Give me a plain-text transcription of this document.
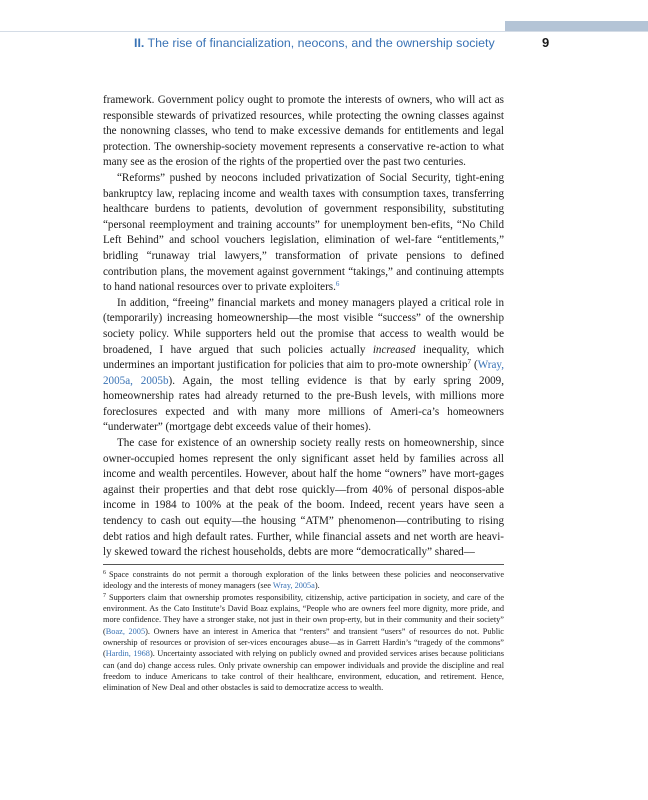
II. The rise of financialization, neocons, and the ownership society	9

framework. Government policy ought to promote the interests of owners, who will act as responsible stewards of privatized resources, while protecting the owning classes against the nonowning classes, who tend to make excessive demands for entitlements and legal protection. The ownership-society movement represents a conservative re-action to what many see as the erosion of the rights of the propertied over the past two centuries.

“Reforms” pushed by neocons included privatization of Social Security, tight-ening bankruptcy law, replacing income and wealth taxes with consumption taxes, transferring healthcare burdens to patients, devolution of government responsibility, substituting “personal reemployment and training accounts” for unemployment ben-efits, “No Child Left Behind” and school vouchers legislation, elimination of wel-fare “entitlements,” bridling “runaway trial lawyers,” transformation of private pensions to defined contribution plans, the movement against government “takings,” and continuing attempts to hand national resources over to private exploiters.$^6$

In addition, “freeing” financial markets and money managers played a critical role in (temporarily) increasing homeownership—the most visible “success” of the ownership society policy. While supporters held out the promise that access to wealth would be broadened, I have argued that such policies actually increased inequality, which undermines an important justification for policies that aim to pro-mote ownership$^7$ (Wray, 2005a, 2005b). Again, the most telling evidence is that by early spring 2009, homeownership rates had already returned to the pre-Bush levels, with millions more foreclosures expected and with many more millions of Ameri-ca’s homeowners “underwater” (mortgage debt exceeds value of their homes).

The case for existence of an ownership society really rests on homeownership, since owner-occupied homes represent the only significant asset held by families across all income and wealth percentiles. However, about half the home “owners” have mort-gages against their properties and that debt rose quickly—from 40% of personal dispos-able income in 1984 to 100% at the peak of the boom. Indeed, recent years have seen a tendency to cash out equity—the housing “ATM” phenomenon—contributing to rising debt ratios and high default rates. Further, while financial assets and net worth are heavi-ly skewed toward the richest households, debts are more “democratically” shared—

$^6$ Space constraints do not permit a thorough exploration of the links between these policies and neoconservative ideology and the interests of money managers (see Wray, 2005a).

$^7$ Supporters claim that ownership promotes responsibility, citizenship, active participation in society, and care of the environment. As the Cato Institute’s David Boaz explains, “People who are owners feel more dignity, more pride, and more confidence. They have a stronger stake, not just in their own prop-erty, but in their community and their society” (Boaz, 2005). Owners have an interest in America that “renters” and transient “users” of resources do not. Public ownership of resources or provision of ser-vices encourages abuse—as in Garrett Hardin’s “tragedy of the commons” (Hardin, 1968). Uncertainty associated with relying on publicly owned and provided services arises because politicians can (and do) change access rules. Only private ownership can empower individuals and provide the discipline and real freedom to induce Americans to take control of their healthcare, environment, education, and retirement. Hence, elimination of New Deal and other obstacles is said to democratize access to wealth.
